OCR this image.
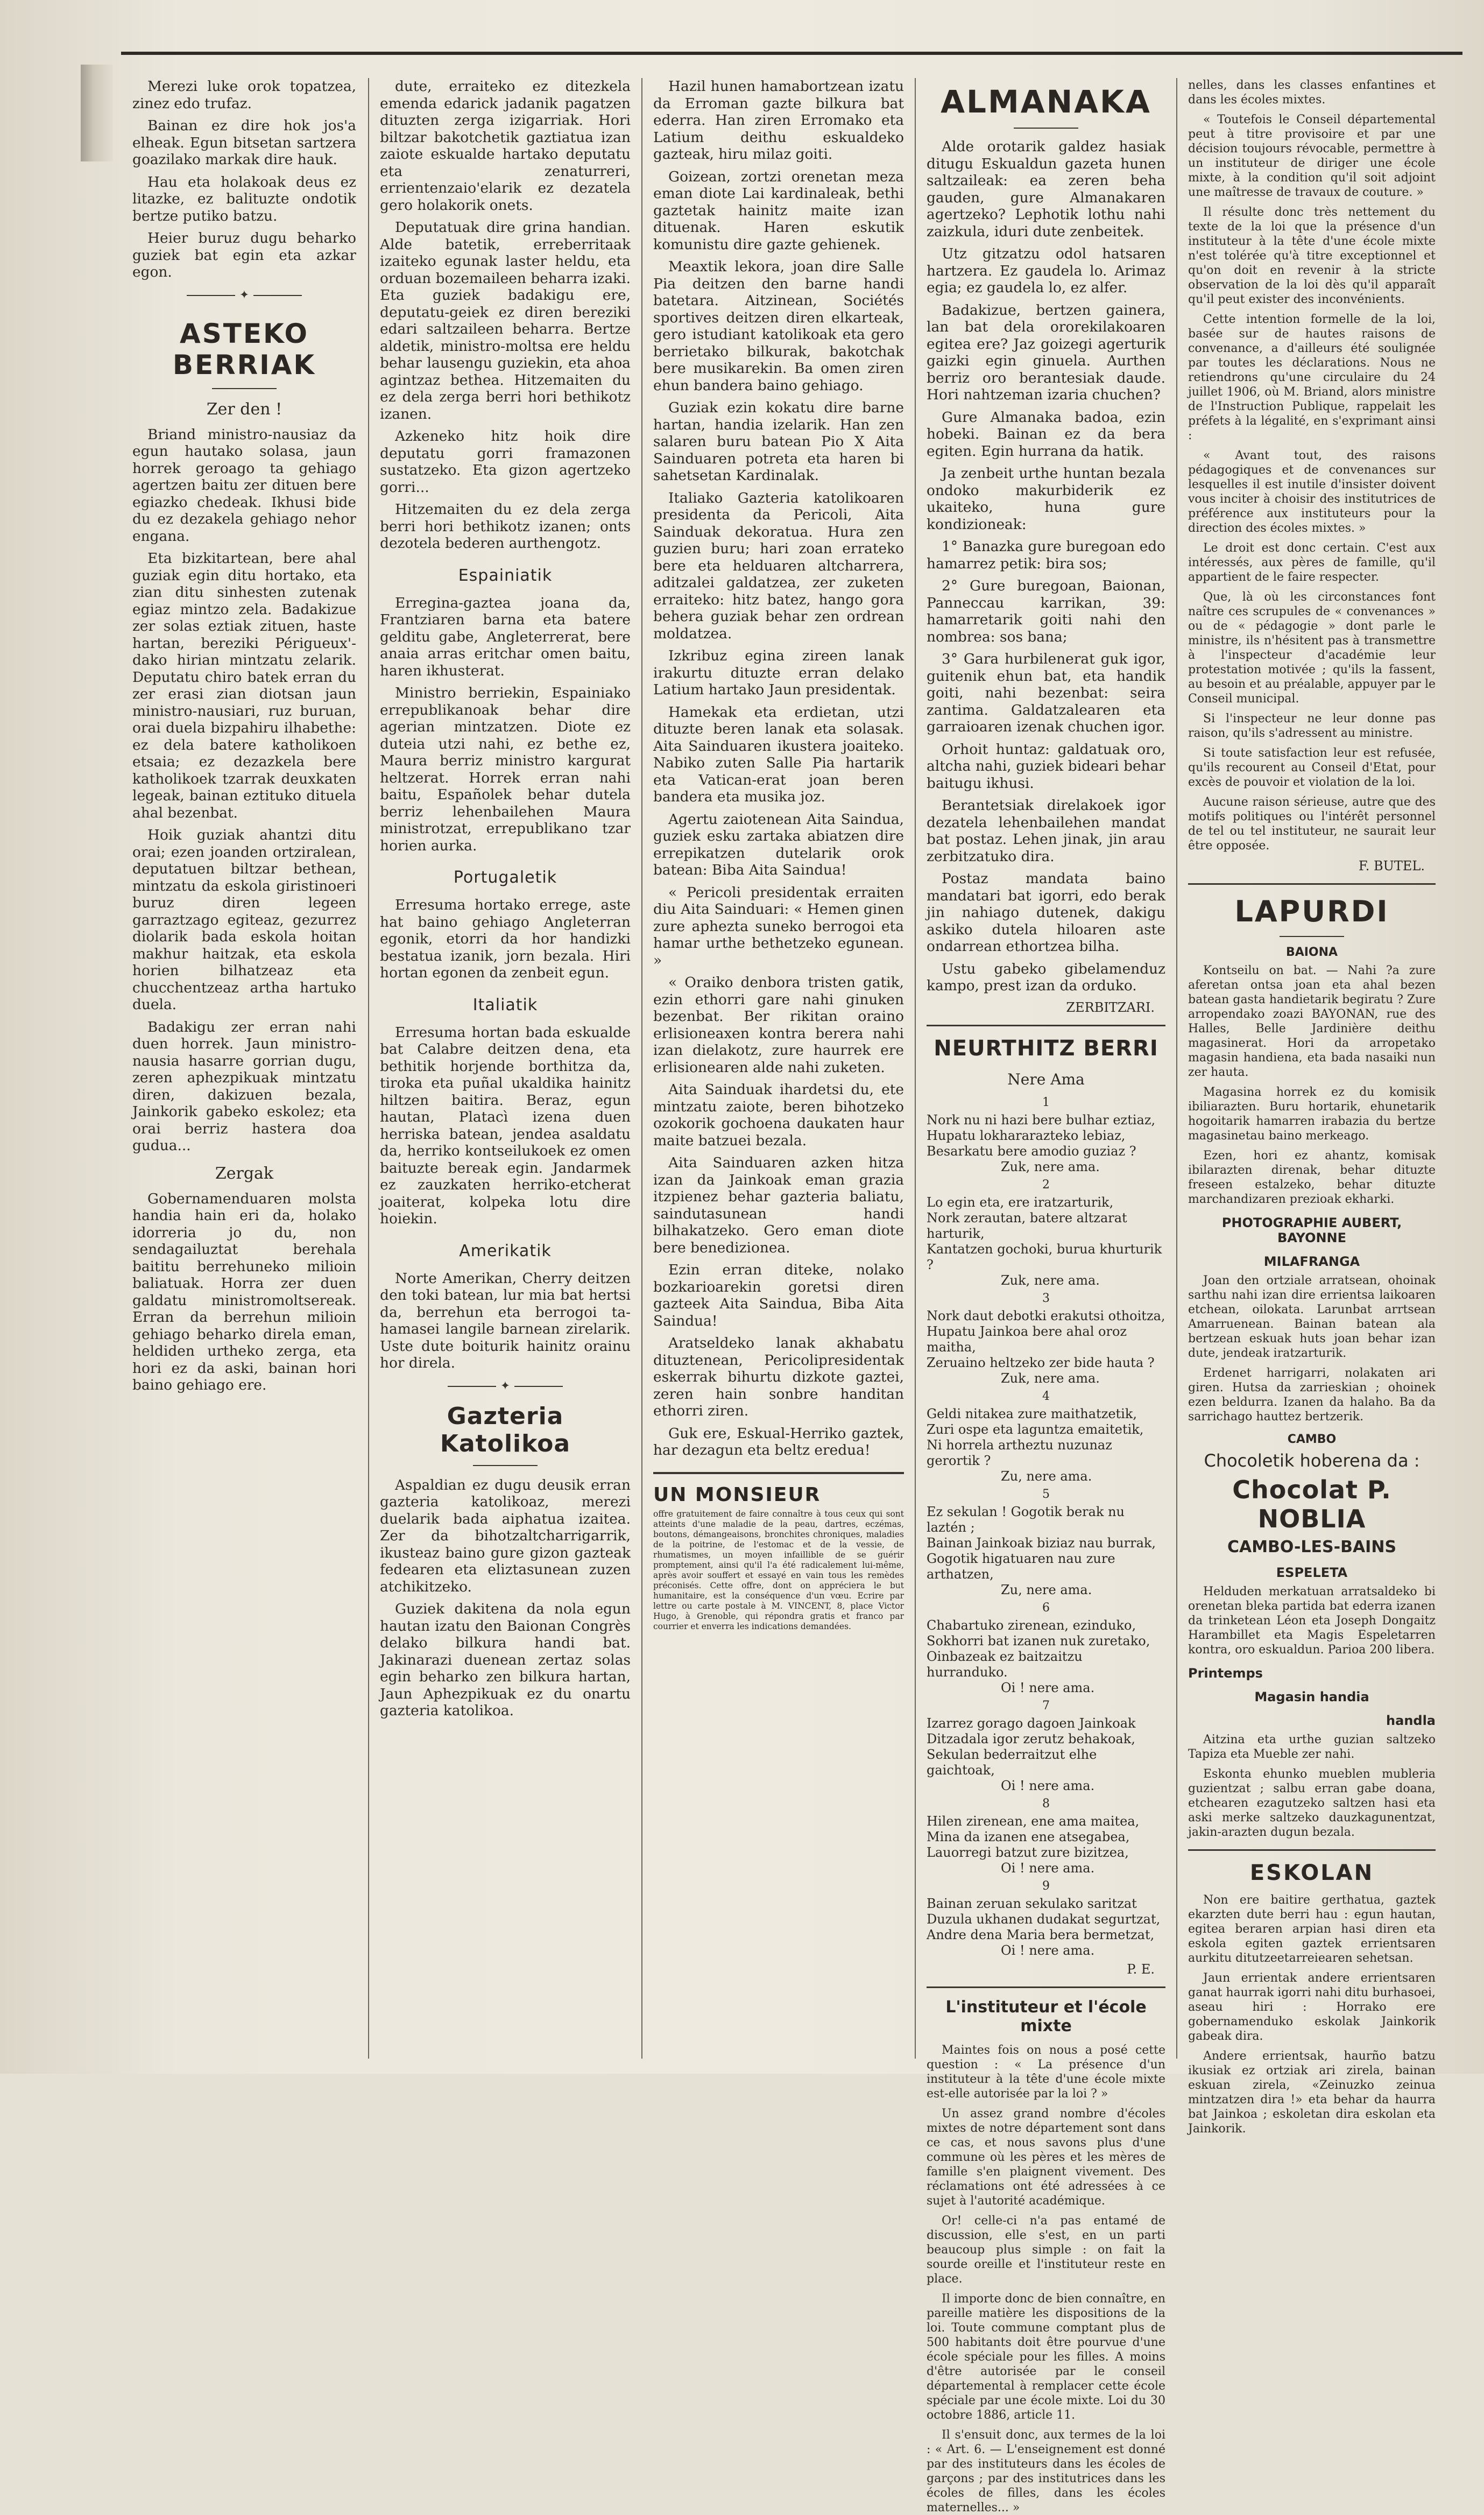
Merezi luke orok topatzea, zinez edo trufaz.

Bainan ez dire hok jos'a elheak. Egun bitsetan sartzera goazilako markak dire hauk.

Hau eta holakoak deus ez litazke, ez balituzte ondotik bertze putiko batzu.

Heier buruz dugu beharko guziek bat egin eta azkar egon.

✦
ASTEKO BERRIAK
Zer den !

Briand ministro-nausiaz da egun hautako solasa, jaun horrek geroago ta gehiago agertzen baitu zer dituen bere egiazko chedeak. Ikhusi bide du ez dezakela gehiago nehor engana.

Eta bizkitartean, bere ahal guziak egin ditu hortako, eta zian ditu sinhesten zutenak egiaz mintzo zela. Badakizue zer solas eztiak zituen, haste hartan, bereziki Périgueux'-dako hirian mintzatu zelarik. Deputatu chiro batek erran du zer erasi zian diotsan jaun ministro-nausiari, ruz buruan, orai duela bizpahiru ilhabethe: ez dela batere katholikoen etsaia; ez dezazkela bere katholikoek tzarrak deuxkaten legeak, bainan eztituko dituela ahal bezenbat.

Hoik guziak ahantzi ditu orai; ezen joanden ortziralean, deputatuen biltzar bethean, mintzatu da eskola giristinoeri buruz diren legeen garraztzago egiteaz, gezurrez diolarik bada eskola hoitan makhur haitzak, eta eskola horien bilhatzeaz eta chucchentzeaz artha hartuko duela.

Badakigu zer erran nahi duen horrek. Jaun ministro-nausia hasarre gorrian dugu, zeren aphezpikuak mintzatu diren, dakizuen bezala, Jainkorik gabeko eskolez; eta orai berriz hastera doa gudua...

Zergak

Gobernamenduaren molsta handia hain eri da, holako idorreria jo du, non sendagailuztat berehala baititu berrehuneko milioin baliatuak. Horra zer duen galdatu ministromoltsereak. Erran da berrehun milioin gehiago beharko direla eman, heldiden urtheko zerga, eta hori ez da aski, bainan hori baino gehiago ere.

dute, erraiteko ez ditezkela emenda edarick jadanik pagatzen dituzten zerga izigarriak. Hori biltzar bakotchetik gaztiatua izan zaiote eskualde hartako deputatu eta zenaturreri, errientenzaio'elarik ez dezatela gero holakorik onets.

Deputatuak dire grina handian. Alde batetik, erreberritaak izaiteko egunak laster heldu, eta orduan bozemaileen beharra izaki. Eta guziek badakigu ere, deputatu-geiek ez diren bereziki edari saltzaileen beharra. Bertze aldetik, ministro-moltsa ere heldu behar lausengu guziekin, eta ahoa agintzaz bethea. Hitzemaiten du ez dela zerga berri hori bethikotz izanen.

Azkeneko hitz hoik dire deputatu gorri framazonen sustatzeko. Eta gizon agertzeko gorri...

Hitzemaiten du ez dela zerga berri hori bethikotz izanen; onts dezotela bederen aurthengotz.

Espainiatik

Erregina-gaztea joana da, Frantziaren barna eta batere gelditu gabe, Angleterrerat, bere anaia arras eritchar omen baitu, haren ikhusterat.

Ministro berriekin, Espainiako errepublikanoak behar dire agerian mintzatzen. Diote ez duteia utzi nahi, ez bethe ez, Maura berriz ministro kargurat heltzerat. Horrek erran nahi baitu, Españolek behar dutela berriz lehenbailehen Maura ministrotzat, errepublikano tzar horien aurka.

Portugaletik

Erresuma hortako errege, aste hat baino gehiago Angleterran egonik, etorri da hor handizki bestatua izanik, jorn bezala. Hiri hortan egonen da zenbeit egun.

Italiatik

Erresuma hortan bada eskualde bat Calabre deitzen dena, eta bethitik horjende borthitza da, tiroka eta puñal ukaldika hainitz hiltzen baitira. Beraz, egun hautan, Platacì izena duen herriska batean, jendea asaldatu da, herriko kontseilukoek ez omen baituzte bereak egin. Jandarmek ez zauzkaten herriko-etcherat joaiterat, kolpeka lotu dire hoiekin.

Amerikatik

Norte Amerikan, Cherry deitzen den toki batean, lur mia bat hertsi da, berrehun eta berrogoi ta-hamasei langile barnean zirelarik. Uste dute boiturik hainitz orainu hor direla.

✦
Gazteria Katolikoa

Aspaldian ez dugu deusik erran gazteria katolikoaz, merezi duelarik bada aiphatua izaitea. Zer da bihotzaltcharrigarrik, ikusteaz baino gure gizon gazteak fedearen eta eliztasunean zuzen atchikitzeko.

Guziek dakitena da nola egun hautan izatu den Baionan Congrès delako bilkura handi bat. Jakinarazi duenean zertaz solas egin beharko zen bilkura hartan, Jaun Aphezpikuak ez du onartu gazteria katolikoa.

Hazil hunen hamabortzean izatu da Erroman gazte bilkura bat ederra. Han ziren Erromako eta Latium deithu eskualdeko gazteak, hiru milaz goiti.

Goizean, zortzi orenetan meza eman diote Lai kardinaleak, bethi gaztetak hainitz maite izan dituenak. Haren eskutik komunistu dire gazte gehienek.

Meaxtik lekora, joan dire Salle Pia deitzen den barne handi batetara. Aitzinean, Sociétés sportives deitzen diren elkarteak, gero istudiant katolikoak eta gero berrietako bilkurak, bakotchak bere musikarekin. Ba omen ziren ehun bandera baino gehiago.

Guziak ezin kokatu dire barne hartan, handia izelarik. Han zen salaren buru batean Pio X Aita Sainduaren potreta eta haren bi sahetsetan Kardinalak.

Italiako Gazteria katolikoaren presidenta da Pericoli, Aita Sainduak dekoratua. Hura zen guzien buru; hari zoan errateko bere eta helduaren altcharrera, aditzalei galdatzea, zer zuketen erraiteko: hitz batez, hango gora behera guziak behar zen ordrean moldatzea.

Izkribuz egina zireen lanak irakurtu dituzte erran delako Latium hartako Jaun presidentak.

Hamekak eta erdietan, utzi dituzte beren lanak eta solasak. Aita Sainduaren ikustera joaiteko. Nabiko zuten Salle Pia hartarik eta Vatican-erat joan beren bandera eta musika joz.

Agertu zaiotenean Aita Saindua, guziek esku zartaka abiatzen dire errepikatzen dutelarik orok batean: Biba Aita Saindua!

« Pericoli presidentak erraiten diu Aita Sainduari: « Hemen ginen zure aphezta suneko berrogoi eta hamar urthe bethetzeko egunean. »

« Oraiko denbora tristen gatik, ezin ethorri gare nahi ginuken bezenbat. Ber rikitan oraino erlisioneaxen kontra berera nahi izan dielakotz, zure haurrek ere erlisionearen alde nahi zuketen.

Aita Sainduak ihardetsi du, ete mintzatu zaiote, beren bihotzeko ozokorik gochoena daukaten haur maite batzuei bezala.

Aita Sainduaren azken hitza izan da Jainkoak eman grazia itzpienez behar gazteria baliatu, saindutasunean handi bilhakatzeko. Gero eman diote bere benedizionea.

Ezin erran diteke, nolako bozkarioarekin goretsi diren gazteek Aita Saindua, Biba Aita Saindua!

Aratseldeko lanak akhabatu dituztenean, Pericolipresidentak eskerrak bihurtu dizkote gaztei, zeren hain sonbre handitan ethorri ziren.

Guk ere, Eskual-Herriko gaztek, har dezagun eta beltz eredua!

UN MONSIEUR

offre gratuitement de faire connaître à tous ceux qui sont atteints d'une maladie de la peau, dartres, eczémas, boutons, démangeaisons, bronchites chroniques, maladies de la poitrine, de l'estomac et de la vessie, de rhumatismes, un moyen infaillible de se guérir promptement, ainsi qu'il l'a été radicalement lui-même, après avoir souffert et essayé en vain tous les remèdes préconisés. Cette offre, dont on appréciera le but humanitaire, est la conséquence d'un vœu. Ecrire par lettre ou carte postale à M. VINCENT, 8, place Victor Hugo, à Grenoble, qui répondra gratis et franco par courrier et enverra les indications demandées.

ALMANAKA

Alde orotarik galdez hasiak ditugu Eskualdun gazeta hunen saltzaileak: ea zeren beha gauden, gure Almanakaren agertzeko? Lephotik lothu nahi zaizkula, iduri dute zenbeitek.

Utz gitzatzu odol hatsaren hartzera. Ez gaudela lo. Arimaz egia; ez gaudela lo, ez alfer.

Badakizue, bertzen gainera, lan bat dela ororekilakoaren egitea ere? Jaz goizegi agerturik gaizki egin ginuela. Aurthen berriz oro berantesiak daude. Hori nahtzeman izaria chuchen?

Gure Almanaka badoa, ezin hobeki. Bainan ez da bera egiten. Egin hurrana da hatik.

Ja zenbeit urthe huntan bezala ondoko makurbiderik ez ukaiteko, huna gure kondizioneak:

1° Banazka gure buregoan edo hamarrez petik: bira sos;

2° Gure buregoan, Baionan, Panneccau karrikan, 39: hamarretarik goiti nahi den nombrea: sos bana;

3° Gara hurbilenerat guk igor, guitenik ehun bat, eta handik goiti, nahi bezenbat: seira zantima. Galdatzalearen eta garraioaren izenak chuchen igor.

Orhoit huntaz: galdatuak oro, altcha nahi, guziek bideari behar baitugu ikhusi.

Berantetsiak direlakoek igor dezatela lehenbailehen mandat bat postaz. Lehen jinak, jin arau zerbitzatuko dira.

Postaz mandata baino mandatari bat igorri, edo berak jin nahiago dutenek, dakigu askiko dutela hiloaren aste ondarrean ethortzea bilha.

Ustu gabeko gibelamenduz kampo, prest izan da orduko.

ZERBITZARI.
NEURTHITZ BERRI
Nere Ama
1

Nork nu ni hazi bere bulhar eztiaz,

Hupatu lokhararazteko lebiaz,

Besarkatu bere amodio guziaz ?

Zuk, nere ama.

2

Lo egin eta, ere iratzarturik,

Nork zerautan, batere altzarat harturik,

Kantatzen gochoki, burua khurturik ?

Zuk, nere ama.

3

Nork daut debotki erakutsi othoitza,

Hupatu Jainkoa bere ahal oroz maitha,

Zeruaino heltzeko zer bide hauta ?

Zuk, nere ama.

4

Geldi nitakea zure maithatzetik,

Zuri ospe eta laguntza emaitetik,

Ni horrela artheztu nuzunaz gerortik ?

Zu, nere ama.

5

Ez sekulan ! Gogotik berak nu laztén ;

Bainan Jainkoak biziaz nau burrak,

Gogotik higatuaren nau zure arthatzen,

Zu, nere ama.

6

Chabartuko zirenean, ezinduko,

Sokhorri bat izanen nuk zuretako,

Oinbazeak ez baitzaitzu hurranduko.

Oi ! nere ama.

7

Izarrez gorago dagoen Jainkoak

Ditzadala igor zerutz behakoak,

Sekulan bederraitzut elhe gaichtoak,

Oi ! nere ama.

8

Hilen zirenean, ene ama maitea,

Mina da izanen ene atsegabea,

Lauorregi batzut zure bizitzea,

Oi ! nere ama.

9

Bainan zeruan sekulako saritzat

Duzula ukhanen dudakat segurtzat,

Andre dena Maria bera bermetzat,

Oi ! nere ama.

P. E.
L'instituteur et l'école mixte

Maintes fois on nous a posé cette question : « La présence d'un instituteur à la tête d'une école mixte est-elle autorisée par la loi ? »

Un assez grand nombre d'écoles mixtes de notre département sont dans ce cas, et nous savons plus d'une commune où les pères et les mères de famille s'en plaignent vivement. Des réclamations ont été adressées à ce sujet à l'autorité académique.

Or! celle-ci n'a pas entamé de discussion, elle s'est, en un parti beaucoup plus simple : on fait la sourde oreille et l'instituteur reste en place.

Il importe donc de bien connaître, en pareille matière les dispositions de la loi. Toute commune comptant plus de 500 habitants doit être pourvue d'une école spéciale pour les filles. A moins d'être autorisée par le conseil départemental à remplacer cette école spéciale par une école mixte. Loi du 30 octobre 1886, article 11.

Il s'ensuit donc, aux termes de la loi : « Art. 6. — L'enseignement est donné par des instituteurs dans les écoles de garçons ; par des institutrices dans les écoles de filles, dans les écoles maternelles... »

nelles, dans les classes enfantines et dans les écoles mixtes.

« Toutefois le Conseil départemental peut à titre provisoire et par une décision toujours révocable, permettre à un instituteur de diriger une école mixte, à la condition qu'il soit adjoint une maîtresse de travaux de couture. »

Il résulte donc très nettement du texte de la loi que la présence d'un instituteur à la tête d'une école mixte n'est tolérée qu'à titre exceptionnel et qu'on doit en revenir à la stricte observation de la loi dès qu'il apparaît qu'il peut exister des inconvénients.

Cette intention formelle de la loi, basée sur de hautes raisons de convenance, a d'ailleurs été soulignée par toutes les déclarations. Nous ne retiendrons qu'une circulaire du 24 juillet 1906, où M. Briand, alors ministre de l'Instruction Publique, rappelait les préfets à la légalité, en s'exprimant ainsi :

« Avant tout, des raisons pédagogiques et de convenances sur lesquelles il est inutile d'insister doivent vous inciter à choisir des institutrices de préférence aux instituteurs pour la direction des écoles mixtes. »

Le droit est donc certain. C'est aux intéressés, aux pères de famille, qu'il appartient de le faire respecter.

Que, là où les circonstances font naître ces scrupules de « convenances » ou de « pédagogie » dont parle le ministre, ils n'hésitent pas à transmettre à l'inspecteur d'académie leur protestation motivée ; qu'ils la fassent, au besoin et au préalable, appuyer par le Conseil municipal.

Si l'inspecteur ne leur donne pas raison, qu'ils s'adressent au ministre.

Si toute satisfaction leur est refusée, qu'ils recourent au Conseil d'Etat, pour excès de pouvoir et violation de la loi.

Aucune raison sérieuse, autre que des motifs politiques ou l'intérêt personnel de tel ou tel instituteur, ne saurait leur être opposée.

F. BUTEL.
LAPURDI
BAIONA

Kontseilu on bat. — Nahi ?a zure aferetan ontsa joan eta ahal bezen batean gasta handietarik begiratu ? Zure arropendako zoazi BAYONAN, rue des Halles, Belle Jardinière deithu magasinerat. Hori da arropetako magasin handiena, eta bada nasaiki nun zer hauta.

Magasina horrek ez du komisik ibiliarazten. Buru hortarik, ehunetarik hogoitarik hamarren irabazia du bertze magasinetau baino merkeago.

Ezen, hori ez ahantz, komisak ibilarazten direnak, behar dituzte freseen estalzeko, behar dituzte marchandizaren prezioak ekharki.

PHOTOGRAPHIE AUBERT, BAYONNE
MILAFRANGA

Joan den ortziale arratsean, ohoinak sarthu nahi izan dire errientsa laikoaren etchean, oilokata. Larunbat arrtsean Amarruenean. Bainan batean ala bertzean eskuak huts joan behar izan dute, jendeak iratzarturik.

Erdenet harrigarri, nolakaten ari giren. Hutsa da zarrieskian ; ohoinek ezen beldurra. Izanen da halaho. Ba da sarrichago hauttez bertzerik.

CAMBO
Chocoletik hoberena da :
Chocolat P. NOBLIA
CAMBO-LES-BAINS
ESPELETA

Helduden merkatuan arratsaldeko bi orenetan bleka partida bat ederra izanen da trinketean Léon eta Joseph Dongaitz Harambillet eta Magis Espeletarren kontra, oro eskualdun. Parioa 200 libera.

Printemps
Magasin handia
handla

Aitzina eta urthe guzian saltzeko Tapiza eta Mueble zer nahi.

Eskonta ehunko mueblen mubleria guzientzat ; salbu erran gabe doana, etchearen ezagutzeko saltzen hasi eta aski merke saltzeko dauzkagunentzat, jakin-arazten dugun bezala.

ESKOLAN

Non ere baitire gerthatua, gaztek ekarzten dute berri hau : egun hautan, egitea beraren arpian hasi diren eta eskola egiten gaztek errientsaren aurkitu ditutzeetarreiearen sehetsan.

Jaun errientak andere errientsaren ganat haurrak igorri nahi ditu burhasoei, aseau hiri : Horrako ere gobernamenduko eskolak Jainkorik gabeak dira.

Andere errientsak, haurño batzu ikusiak ez ortziak ari zirela, bainan eskuan zirela, «Zeinuzko zeinua mintzatzen dira !» eta behar da haurra bat Jainkoa ; eskoletan dira eskolan eta Jainkorik.
